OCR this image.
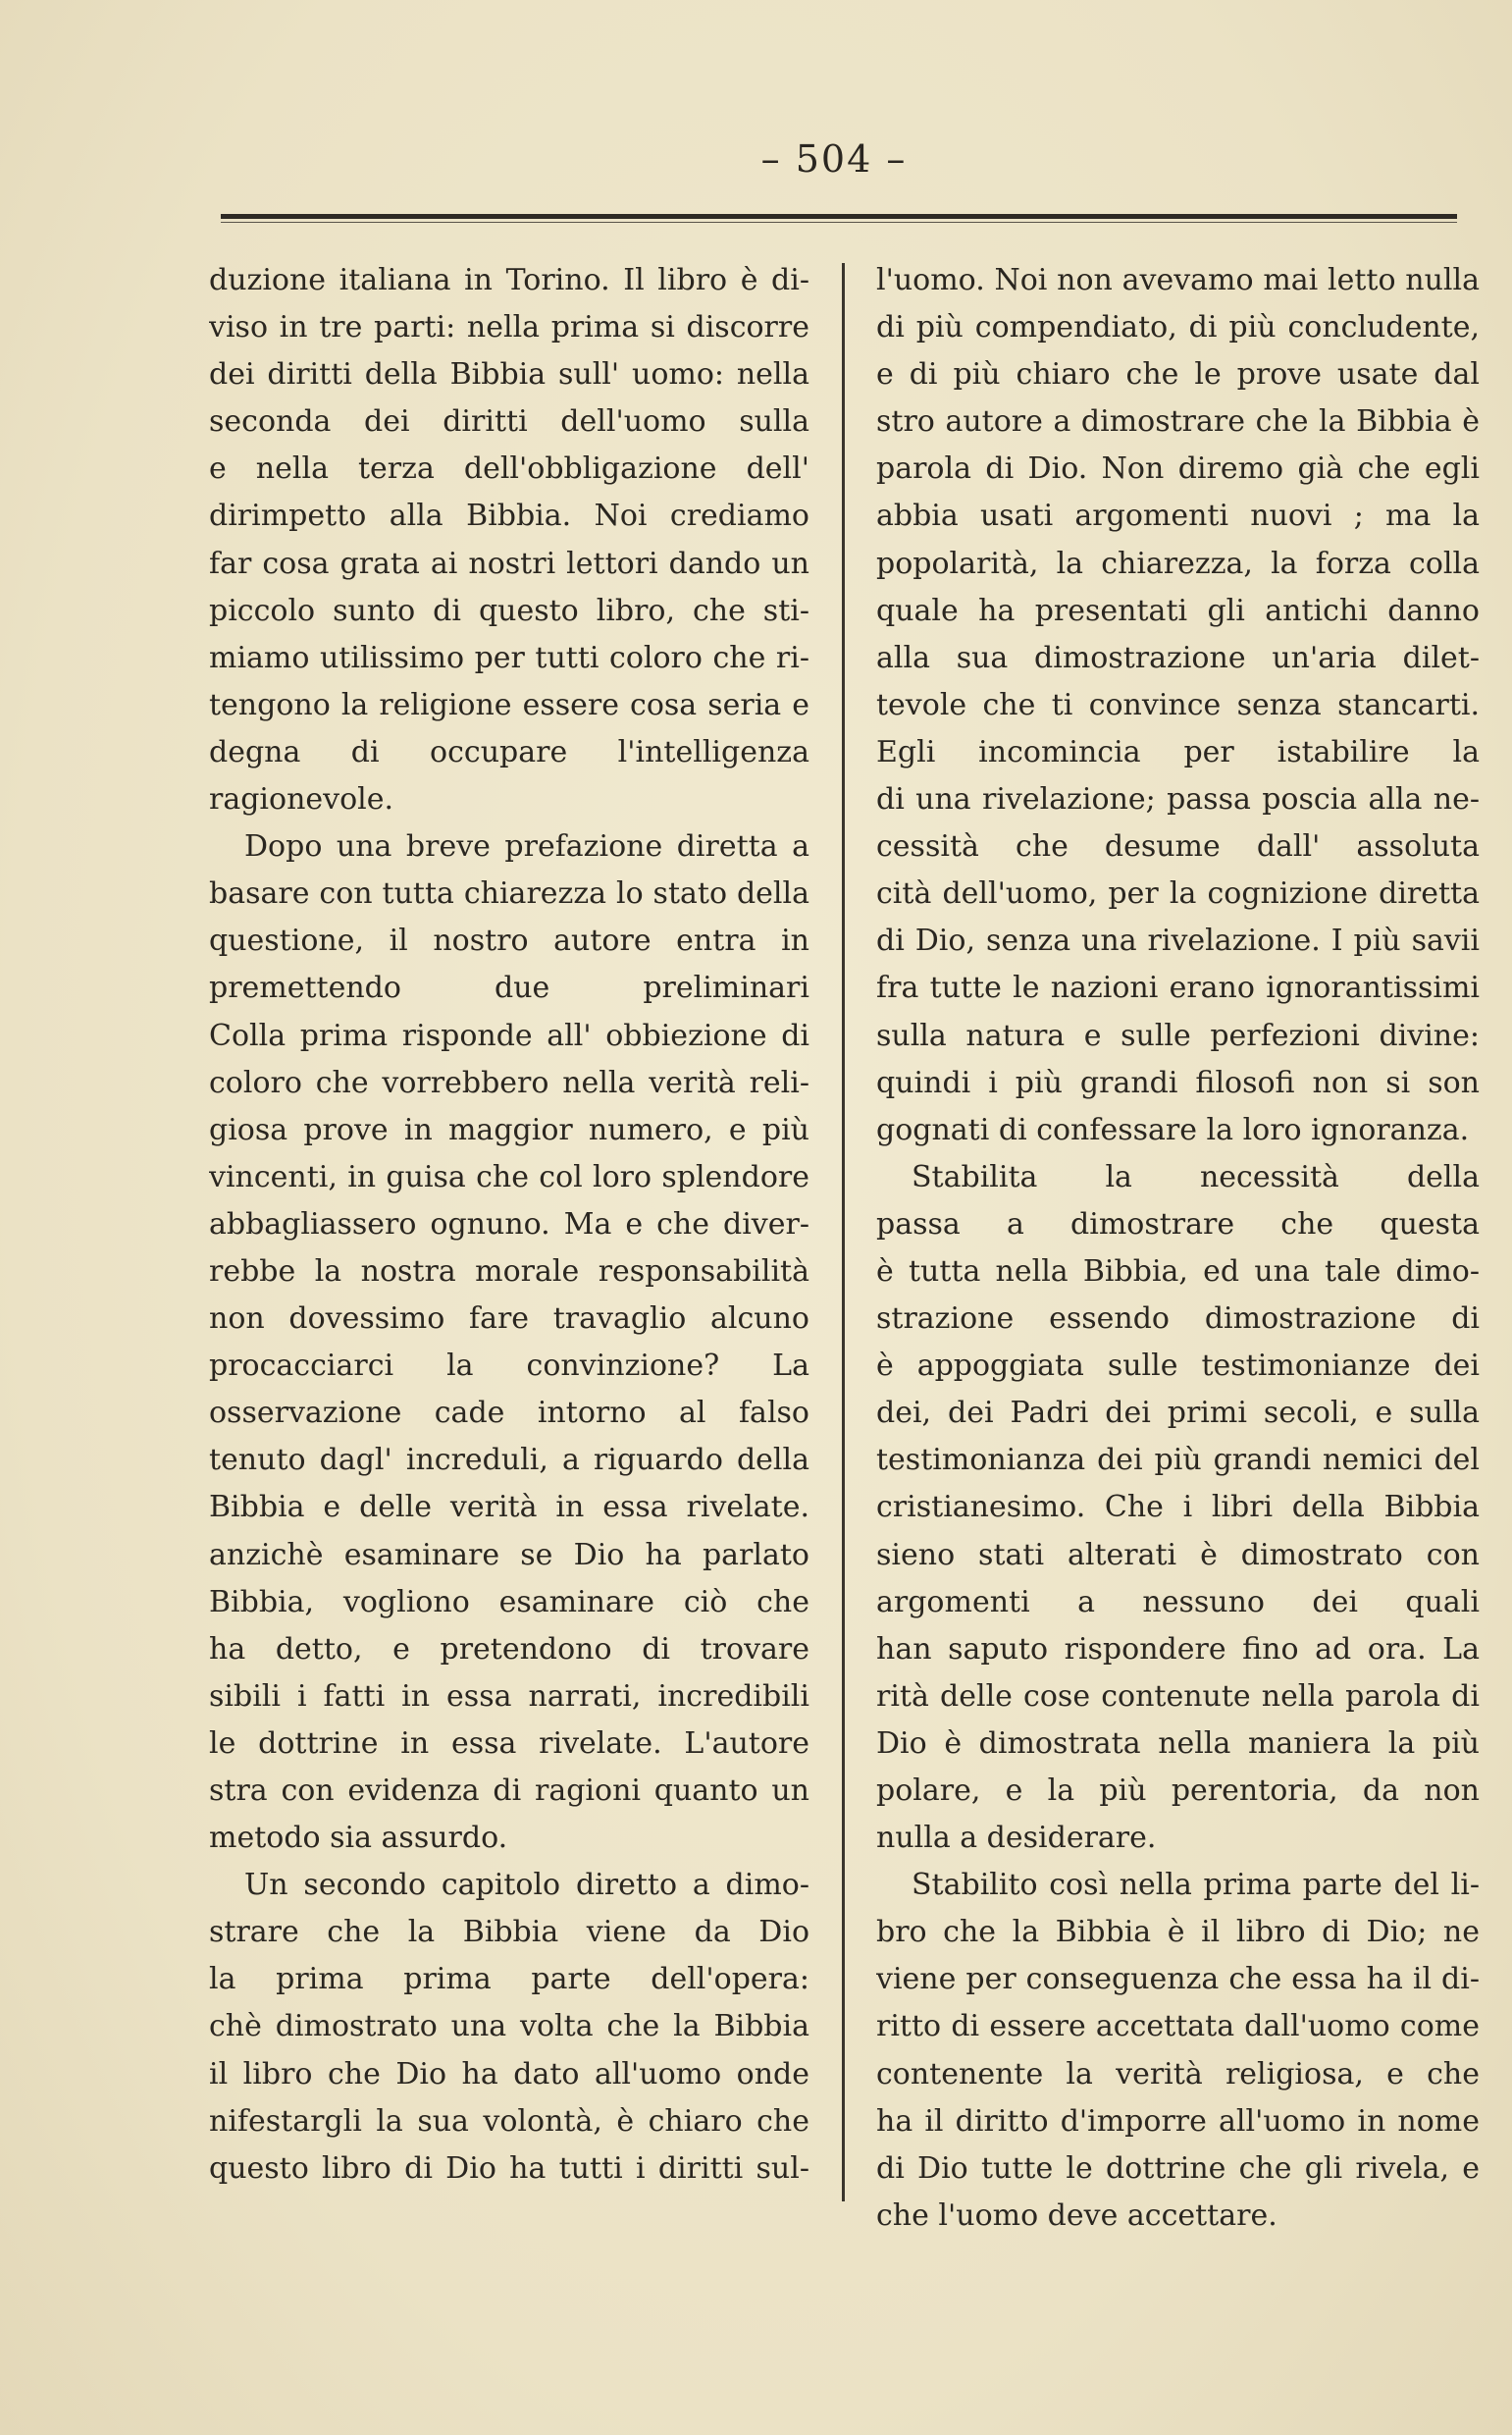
– 504 –
duzione italiana in Torino. Il libro è di-
viso in tre parti: nella prima si discorre
dei diritti della Bibbia sull' uomo: nella
seconda dei diritti dell'uomo sulla
e nella terza dell'obbligazione dell'
dirimpetto alla Bibbia. Noi crediamo
far cosa grata ai nostri lettori dando un
piccolo sunto di questo libro, che sti-
miamo utilissimo per tutti coloro che ri-
tengono la religione essere cosa seria e
degna di occupare l'intelligenza
ragionevole.
Dopo una breve prefazione diretta a
basare con tutta chiarezza lo stato della
questione, il nostro autore entra in
premettendo due preliminari
Colla prima risponde all' obbiezione di
coloro che vorrebbero nella verità reli-
giosa prove in maggior numero, e più
vincenti, in guisa che col loro splendore
abbagliassero ognuno. Ma e che diver-
rebbe la nostra morale responsabilità
non dovessimo fare travaglio alcuno
procacciarci la convinzione? La
osservazione cade intorno al falso
tenuto dagl' increduli, a riguardo della
Bibbia e delle verità in essa rivelate.
anzichè esaminare se Dio ha parlato
Bibbia, vogliono esaminare ciò che
ha detto, e pretendono di trovare
sibili i fatti in essa narrati, incredibili
le dottrine in essa rivelate. L'autore
stra con evidenza di ragioni quanto un
metodo sia assurdo.
Un secondo capitolo diretto a dimo-
strare che la Bibbia viene da Dio
la prima prima parte dell'opera:
chè dimostrato una volta che la Bibbia
il libro che Dio ha dato all'uomo onde
nifestargli la sua volontà, è chiaro che
questo libro di Dio ha tutti i diritti sul-
l'uomo. Noi non avevamo mai letto nulla
di più compendiato, di più concludente,
e di più chiaro che le prove usate dal
stro autore a dimostrare che la Bibbia è
parola di Dio. Non diremo già che egli
abbia usati argomenti nuovi ; ma la
popolarità, la chiarezza, la forza colla
quale ha presentati gli antichi danno
alla sua dimostrazione un'aria dilet-
tevole che ti convince senza stancarti.
Egli incomincia per istabilire la
di una rivelazione; passa poscia alla ne-
cessità che desume dall' assoluta
cità dell'uomo, per la cognizione diretta
di Dio, senza una rivelazione. I più savii
fra tutte le nazioni erano ignorantissimi
sulla natura e sulle perfezioni divine:
quindi i più grandi filosofi non si son
gognati di confessare la loro ignoranza.
Stabilita la necessità della
passa a dimostrare che questa
è tutta nella Bibbia, ed una tale dimo-
strazione essendo dimostrazione di
è appoggiata sulle testimonianze dei
dei, dei Padri dei primi secoli, e sulla
testimonianza dei più grandi nemici del
cristianesimo. Che i libri della Bibbia
sieno stati alterati è dimostrato con
argomenti a nessuno dei quali
han saputo rispondere fino ad ora. La
rità delle cose contenute nella parola di
Dio è dimostrata nella maniera la più
polare, e la più perentoria, da non
nulla a desiderare.
Stabilito così nella prima parte del li-
bro che la Bibbia è il libro di Dio; ne
viene per conseguenza che essa ha il di-
ritto di essere accettata dall'uomo come
contenente la verità religiosa, e che
ha il diritto d'imporre all'uomo in nome
di Dio tutte le dottrine che gli rivela, e
che l'uomo deve accettare.
